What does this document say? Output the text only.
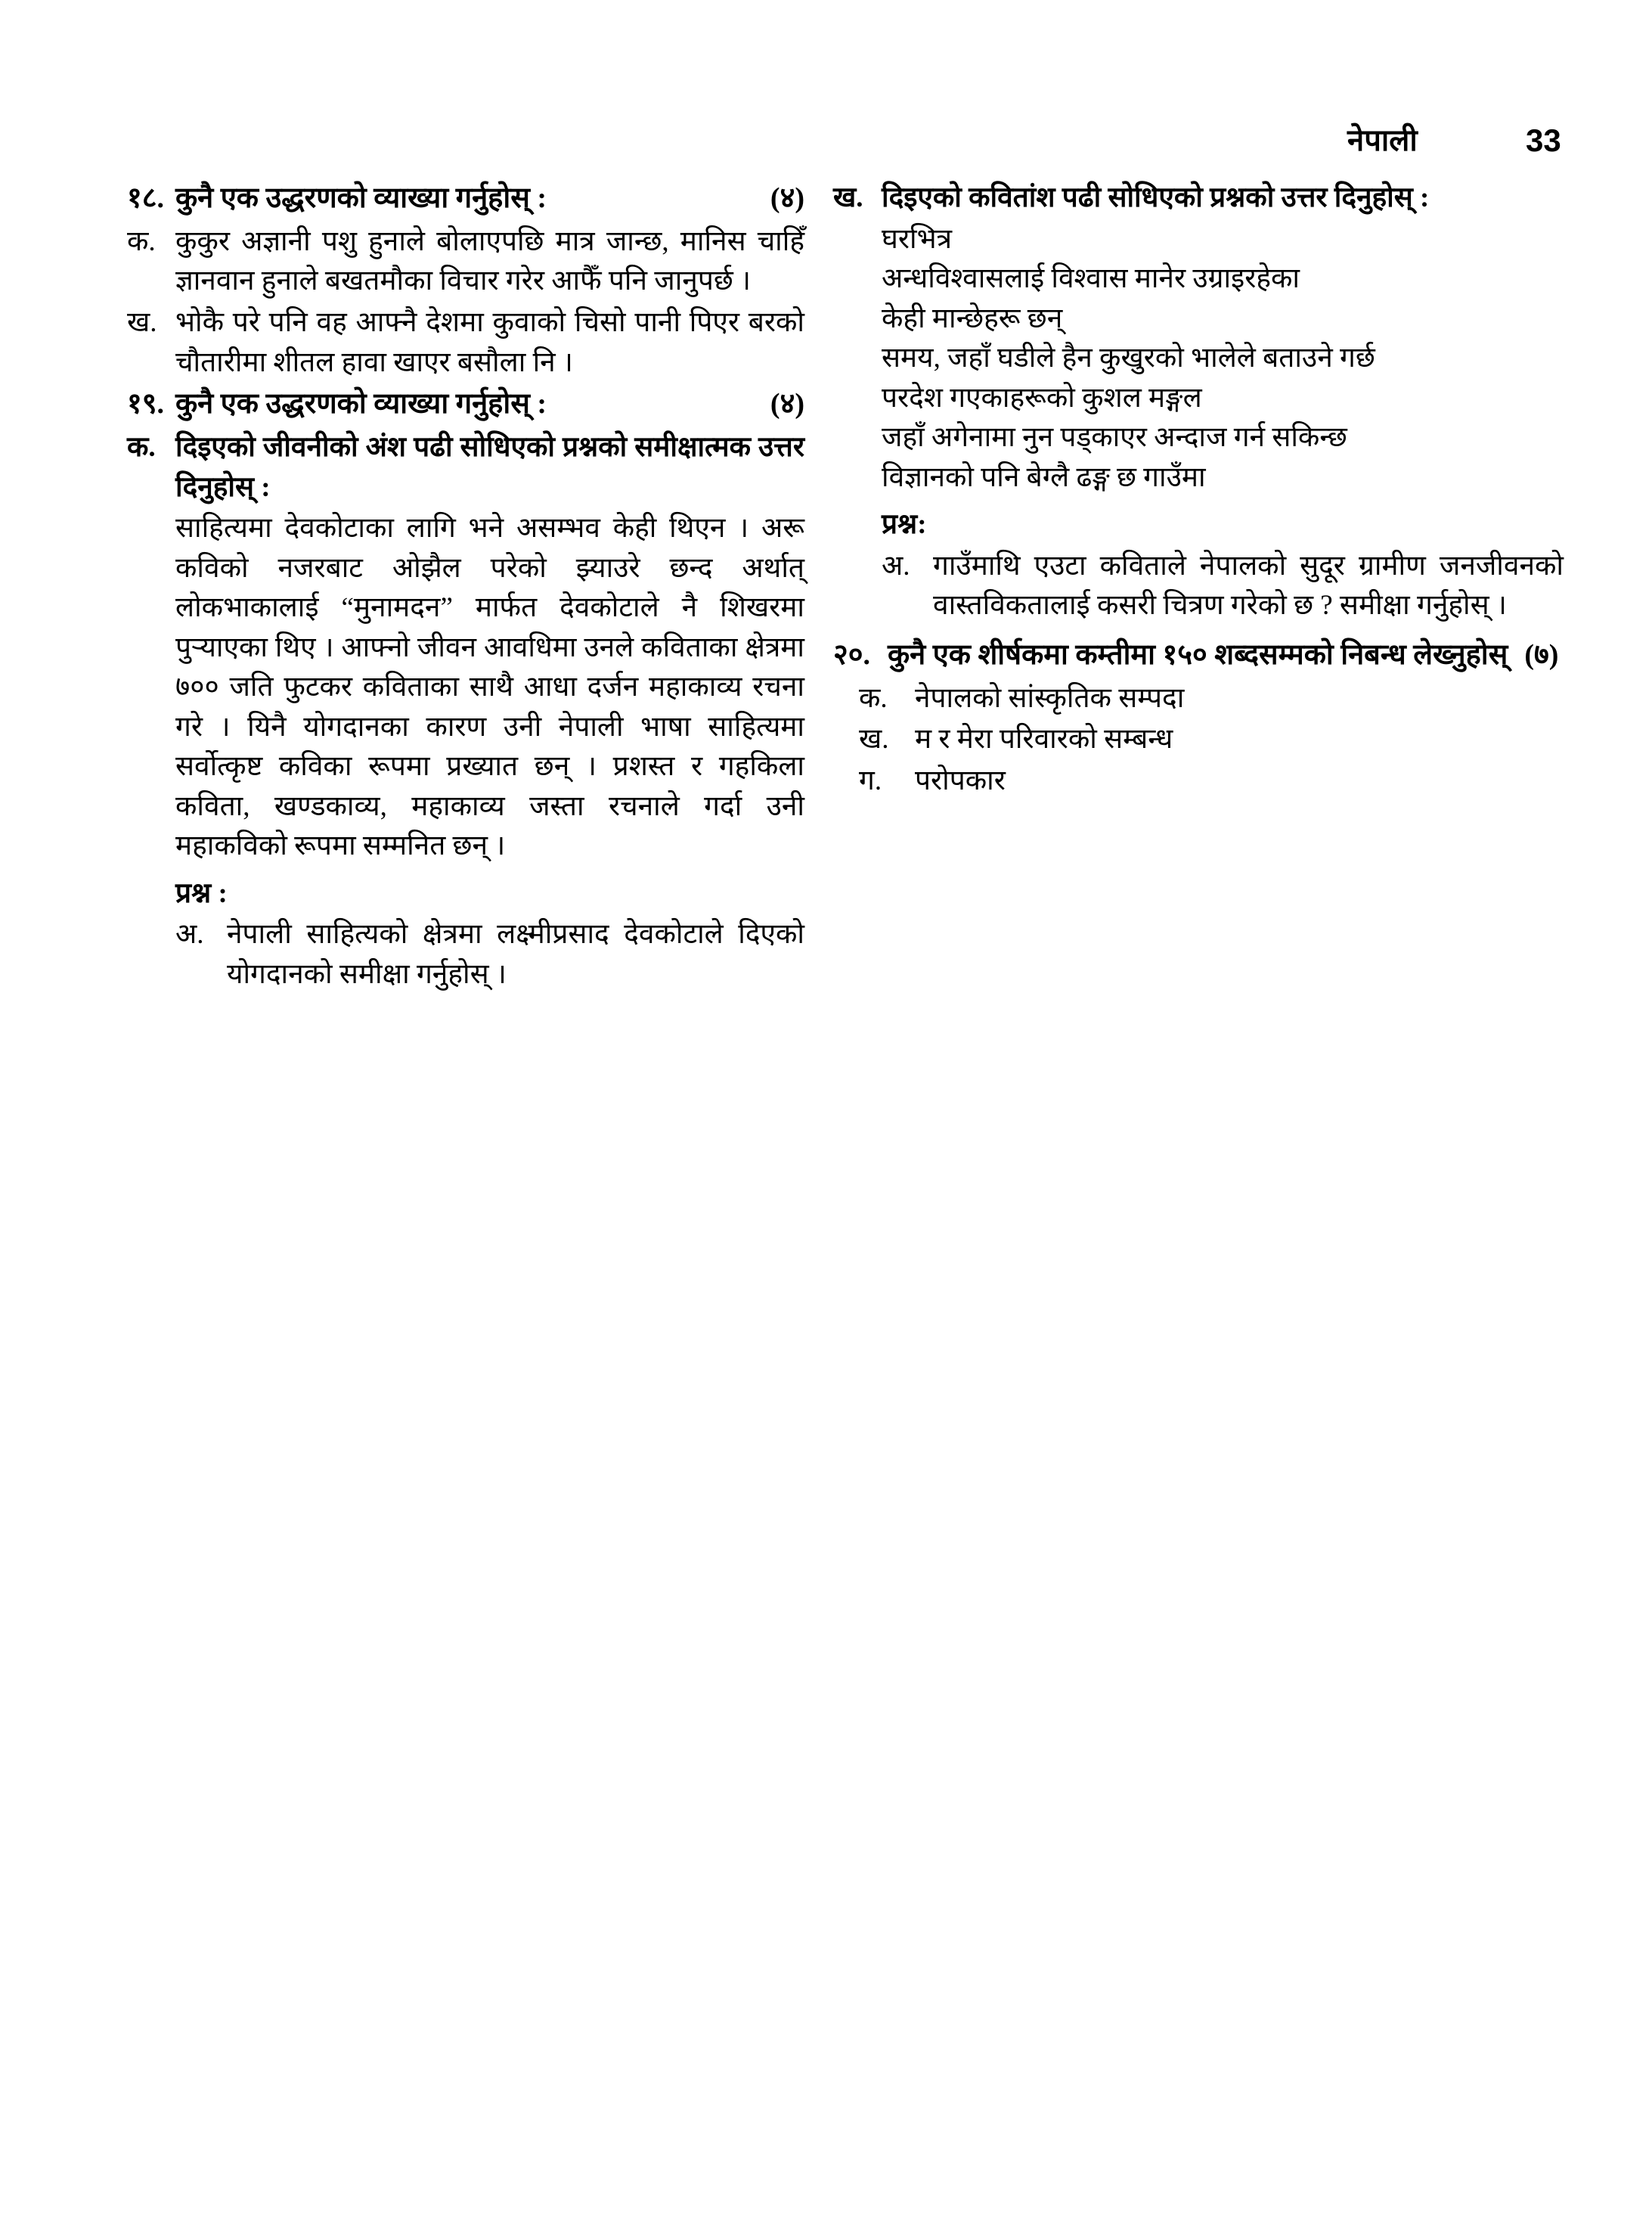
नेपाली	33
१८. कुनै एक उद्धरणको व्याख्या गर्नुहोस् :	(४)
क. कुकुर अज्ञानी पशु हुनाले बोलाएपछि मात्र जान्छ, मानिस चाहिँ ज्ञानवान हुनाले बखतमौका विचार गरेर आफैँ पनि जानुपर्छ ।
ख. भोकै परे पनि वह आफ्नै देशमा कुवाको चिसो पानी पिएर बरको चौतारीमा शीतल हावा खाएर बसौला नि ।
१९. कुनै एक उद्धरणको व्याख्या गर्नुहोस् :	(४)
क. दिइएको जीवनीको अंश पढी सोधिएको प्रश्नको समीक्षात्मक उत्तर दिनुहोस् :
साहित्यमा देवकोटाका लागि भने असम्भव केही थिएन । अरू कविको नजरबाट ओझैल परेको झ्याउरे छन्द अर्थात् लोकभाकालाई “मुनामदन” मार्फत देवकोटाले नै शिखरमा पुऱ्याएका थिए । आफ्नो जीवन आवधिमा उनले कविताका क्षेत्रमा ७०० जति फुटकर कविताका साथै आधा दर्जन महाकाव्य रचना गरे । यिनै योगदानका कारण उनी नेपाली भाषा साहित्यमा सर्वोत्कृष्ट कविका रूपमा प्रख्यात छन् । प्रशस्त र गहकिला कविता, खण्डकाव्य, महाकाव्य जस्ता रचनाले गर्दा उनी महाकविको रूपमा सम्मनित छन् ।
प्रश्न :
अ. नेपाली साहित्यको क्षेत्रमा लक्ष्मीप्रसाद देवकोटाले दिएको योगदानको समीक्षा गर्नुहोस् ।
ख. दिइएको कवितांश पढी सोधिएको प्रश्नको उत्तर दिनुहोस् :
घरभित्र
अन्धविश्वासलाई विश्वास मानेर उग्राइरहेका
केही मान्छेहरू छन्
समय, जहाँ घडीले हैन कुखुरको भालेले बताउने गर्छ
परदेश गएकाहरूको कुशल मङ्गल
जहाँ अगेनामा नुन पड्काएर अन्दाज गर्न सकिन्छ
विज्ञानको पनि बेग्लै ढङ्ग छ गाउँमा
प्रश्न:
अ. गाउँमाथि एउटा कविताले नेपालको सुदूर ग्रामीण जनजीवनको वास्तविकतालाई कसरी चित्रण गरेको छ ? समीक्षा गर्नुहोस् ।
२०. कुनै एक शीर्षकमा कम्तीमा १५० शब्दसम्मको निबन्ध लेख्नुहोस् (७)
क. नेपालको सांस्कृतिक सम्पदा
ख. म र मेरा परिवारको सम्बन्ध
ग.	परोपकार
